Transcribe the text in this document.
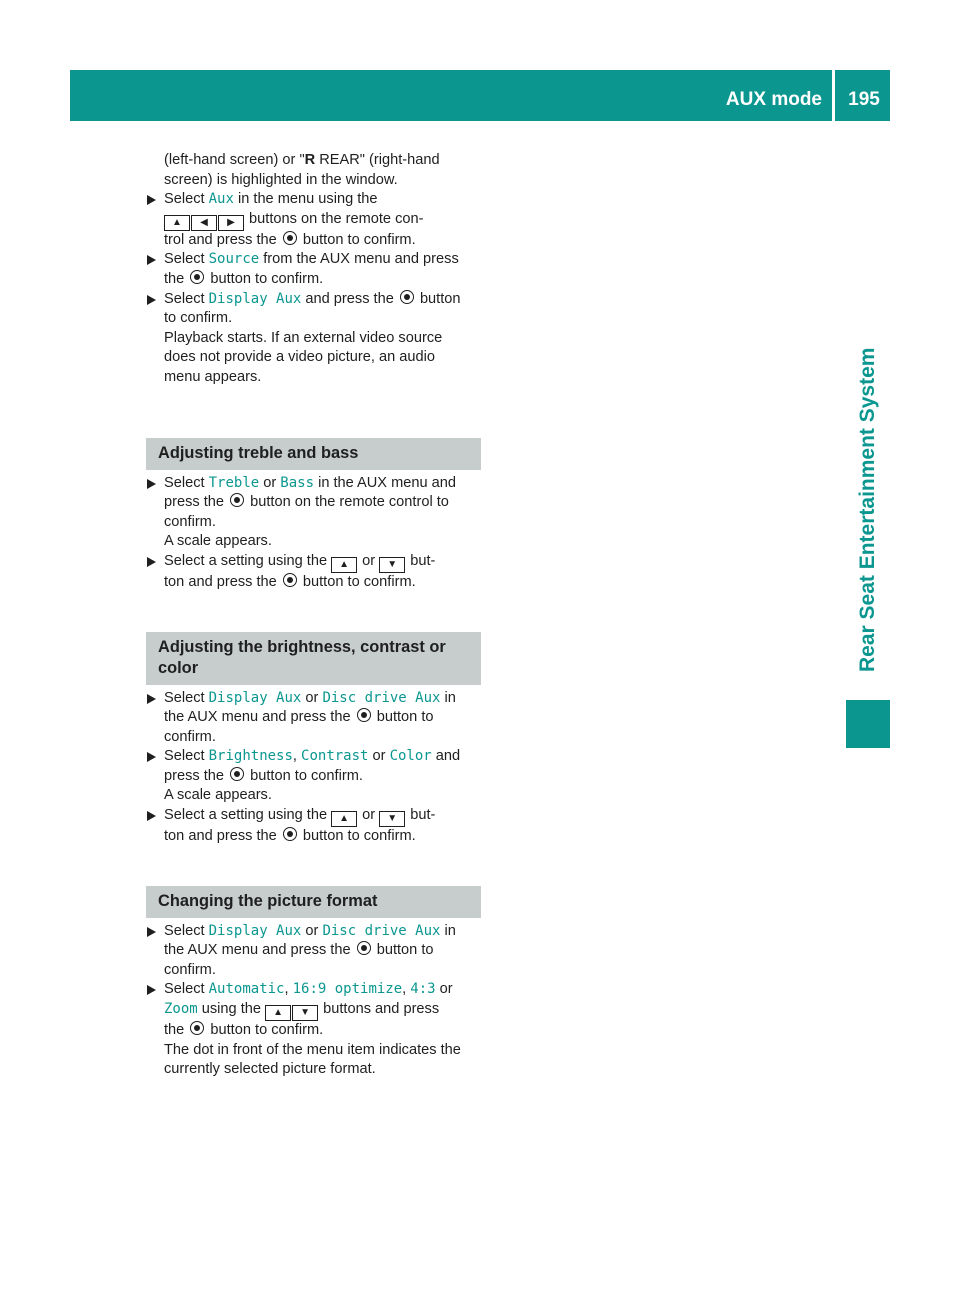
AUX mode	195
Rear Seat Entertainment System

(left-hand screen) or "R REAR" (right-hand
screen) is highlighted in the window.

Select Aux in the menu using the
▲ ◀ ▶ buttons on the remote con-
trol and press the  button to confirm.

Select Source from the AUX menu and press
the  button to confirm.

Select Display Aux and press the  button
to confirm.
Playback starts. If an external video source
does not provide a video picture, an audio
menu appears.

Adjusting treble and bass

Select Treble or Bass in the AUX menu and
press the  button on the remote control to
confirm.
A scale appears.

Select a setting using the ▲ or ▼ but-
ton and press the  button to confirm.

Adjusting the brightness, contrast or color

Select Display Aux or Disc drive Aux in
the AUX menu and press the  button to
confirm.

Select Brightness, Contrast or Color and
press the  button to confirm.
A scale appears.

Select a setting using the ▲ or ▼ but-
ton and press the  button to confirm.

Changing the picture format

Select Display Aux or Disc drive Aux in
the AUX menu and press the  button to
confirm.

Select Automatic, 16:9 optimize, 4:3 or
Zoom using the ▲ ▼ buttons and press
the  button to confirm.
The dot in front of the menu item indicates the
currently selected picture format.
